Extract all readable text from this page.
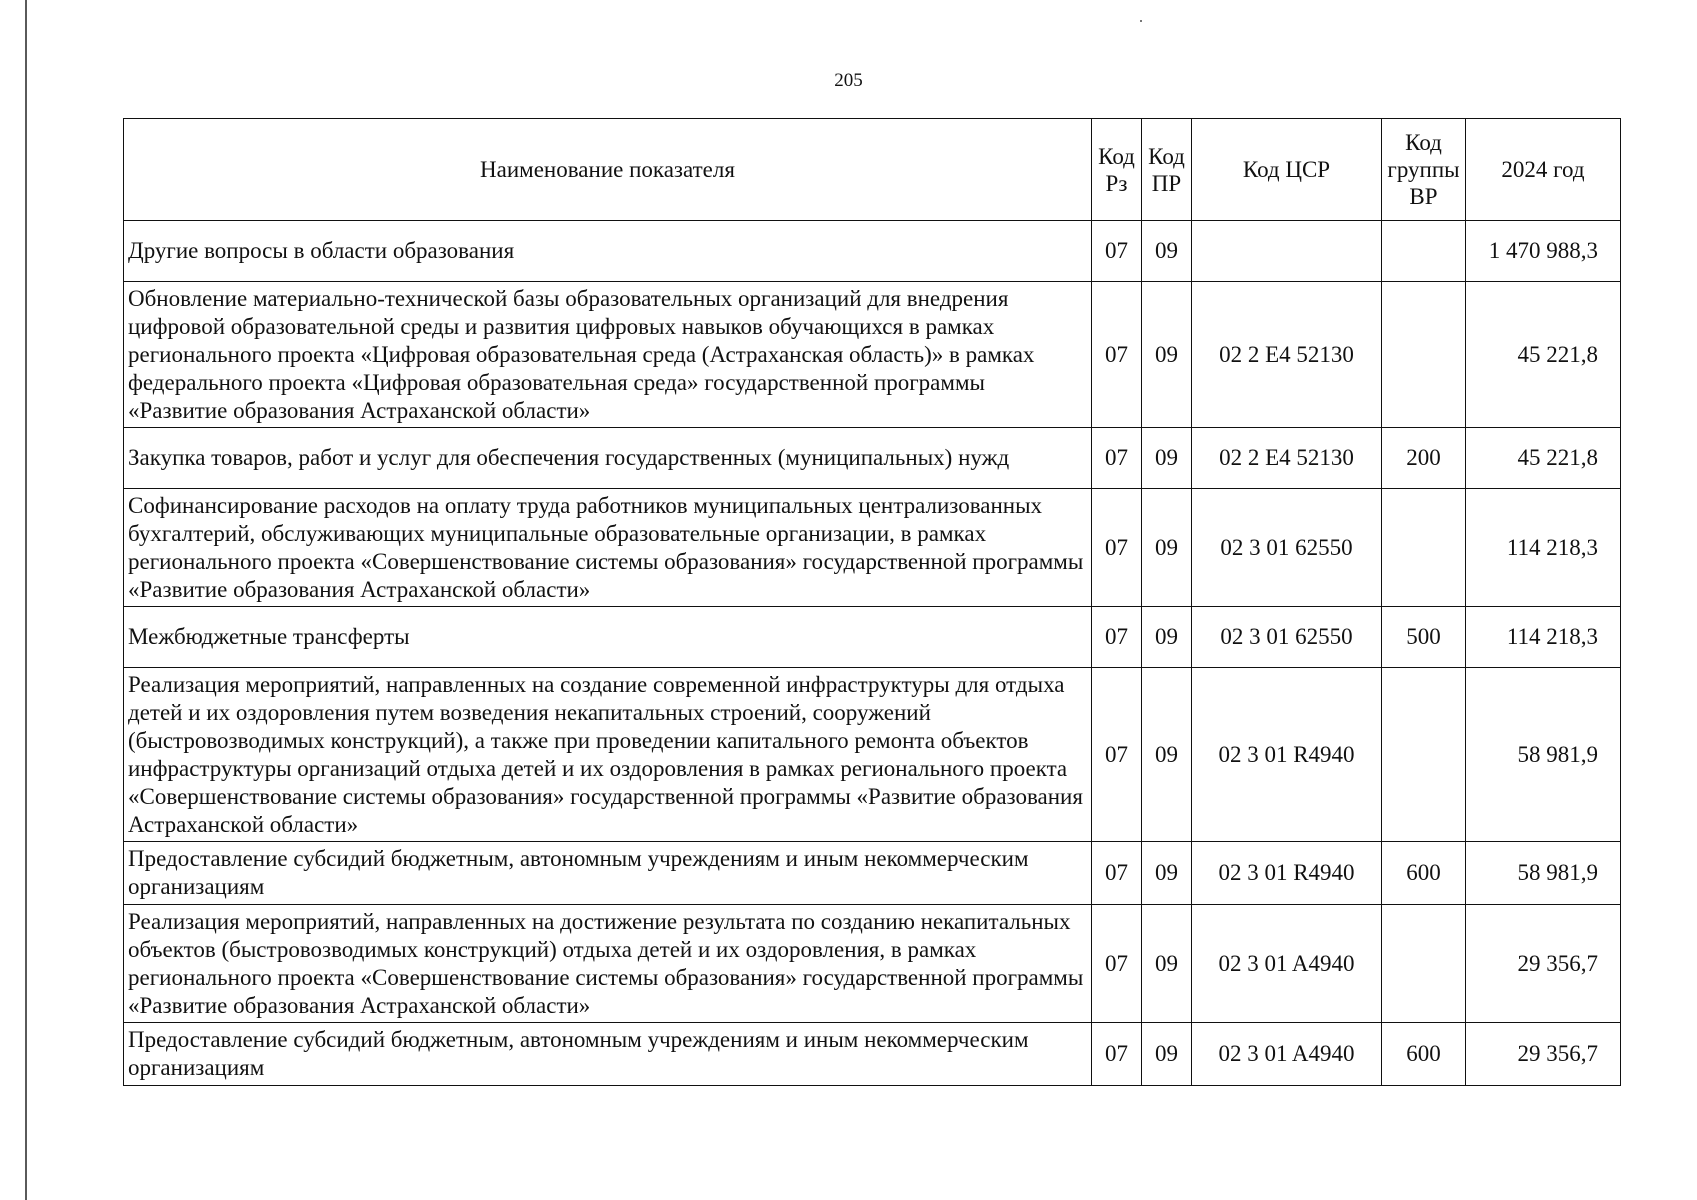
205
Наименование показателя	Код Рз	Код ПР	Код ЦСР	Код группы ВР	2024 год
Другие вопросы в области образования	07	09			1 470 988,3
Обновление материально-технической базы образовательных организаций для внедрения цифровой образовательной среды и развития цифровых навыков обучающихся в рамках регионального проекта «Цифровая образовательная среда (Астраханская область)» в рамках федерального проекта «Цифровая образовательная среда» государственной программы «Развитие образования Астраханской области»	07	09	02 2 E4 52130		45 221,8
Закупка товаров, работ и услуг для обеспечения государственных (муниципальных) нужд	07	09	02 2 E4 52130	200	45 221,8
Софинансирование расходов на оплату труда работников муниципальных централизованных бухгалтерий, обслуживающих муниципальные образовательные организации, в рамках регионального проекта «Совершенствование системы образования» государственной программы «Развитие образования Астраханской области»	07	09	02 3 01 62550		114 218,3
Межбюджетные трансферты	07	09	02 3 01 62550	500	114 218,3
Реализация мероприятий, направленных на создание современной инфраструктуры для отдыха детей и их оздоровления путем возведения некапитальных строений, сооружений (быстровозводимых конструкций), а также при проведении капитального ремонта объектов инфраструктуры организаций отдыха детей и их оздоровления в рамках регионального проекта «Совершенствование системы образования» государственной программы «Развитие образования Астраханской области»	07	09	02 3 01 R4940		58 981,9
Предоставление субсидий бюджетным, автономным учреждениям и иным некоммерческим организациям	07	09	02 3 01 R4940	600	58 981,9
Реализация мероприятий, направленных на достижение результата по созданию некапитальных объектов (быстровозводимых конструкций) отдыха детей и их оздоровления, в рамках регионального проекта «Совершенствование системы образования» государственной программы «Развитие образования Астраханской области»	07	09	02 3 01 A4940		29 356,7
Предоставление субсидий бюджетным, автономным учреждениям и иным некоммерческим организациям	07	09	02 3 01 A4940	600	29 356,7
